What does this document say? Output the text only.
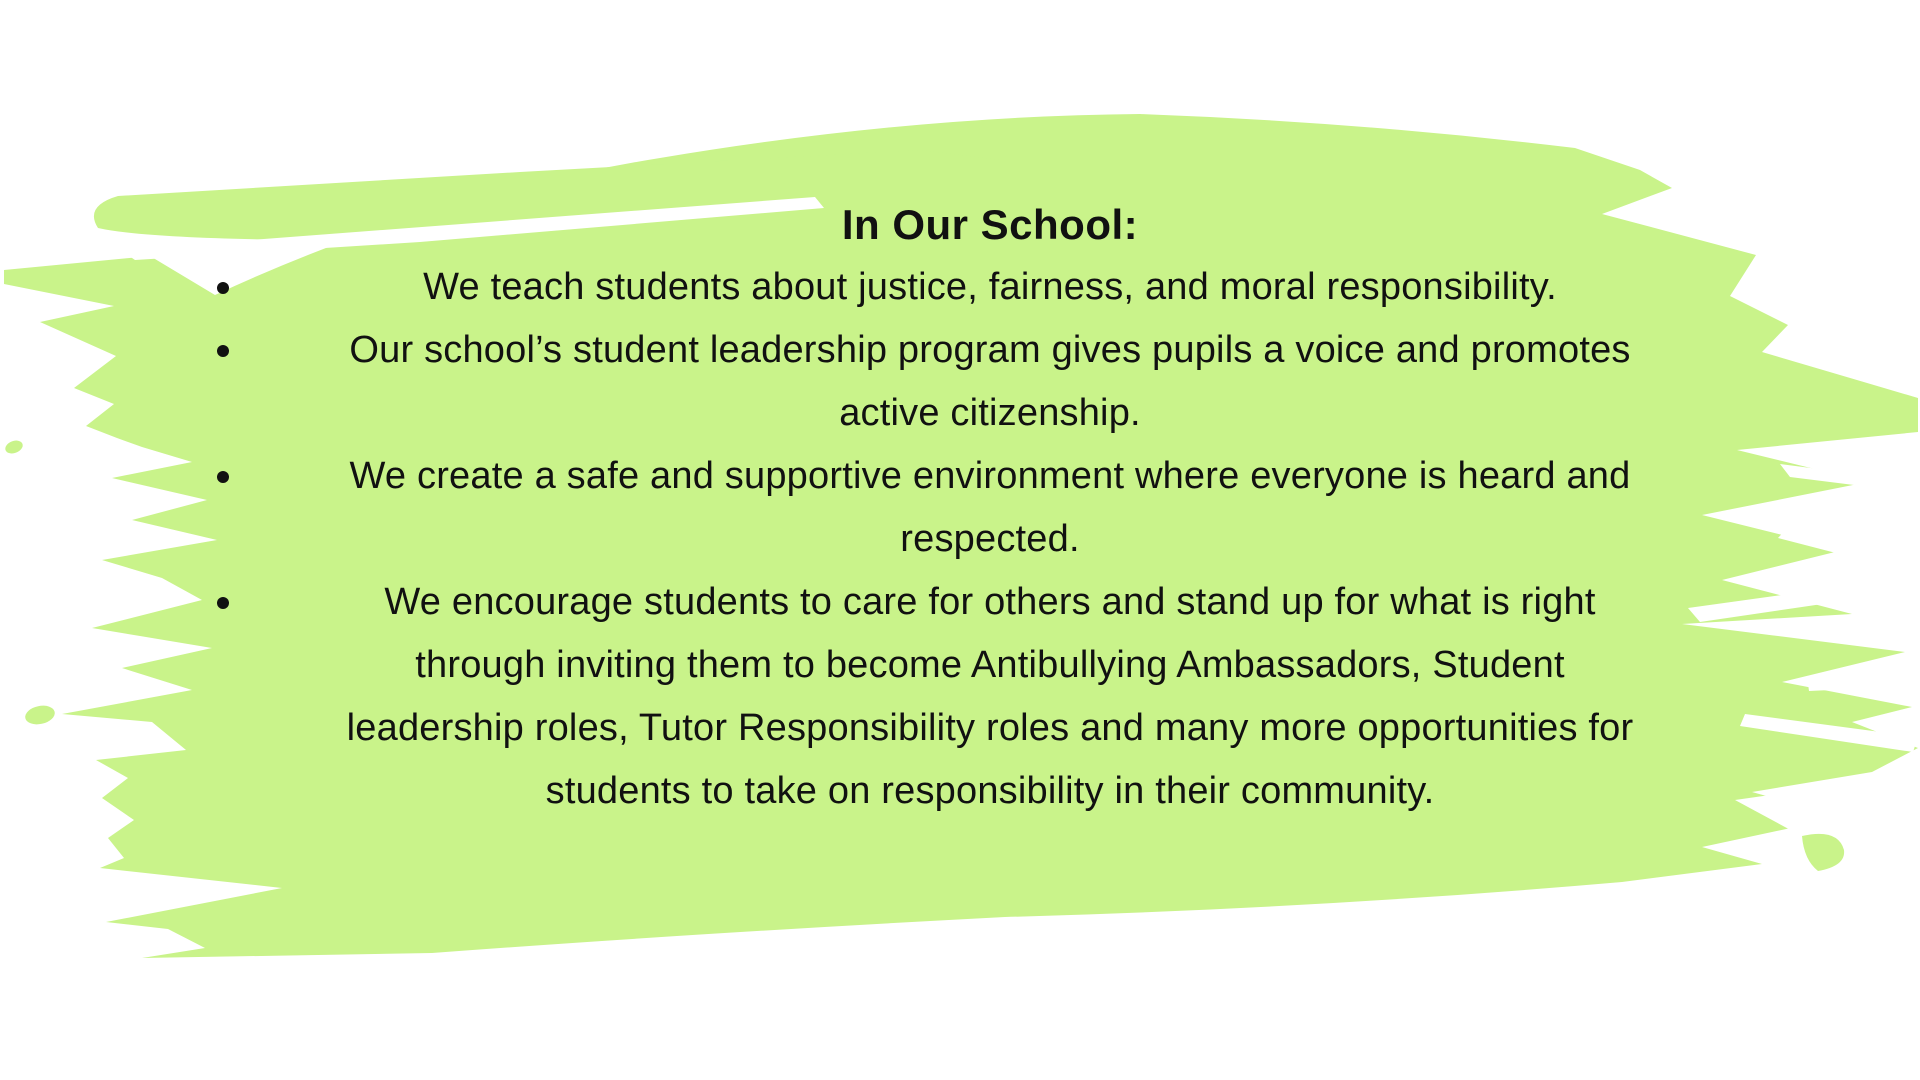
In Our School:
We teach students about justice, fairness, and moral responsibility.
Our school’s student leadership program gives pupils a voice and promotes
active citizenship.
We create a safe and supportive environment where everyone is heard and
respected.
We encourage students to care for others and stand up for what is right
through inviting them to become Antibullying Ambassadors, Student
leadership roles, Tutor Responsibility roles and many more opportunities for
students to take on responsibility in their community.
